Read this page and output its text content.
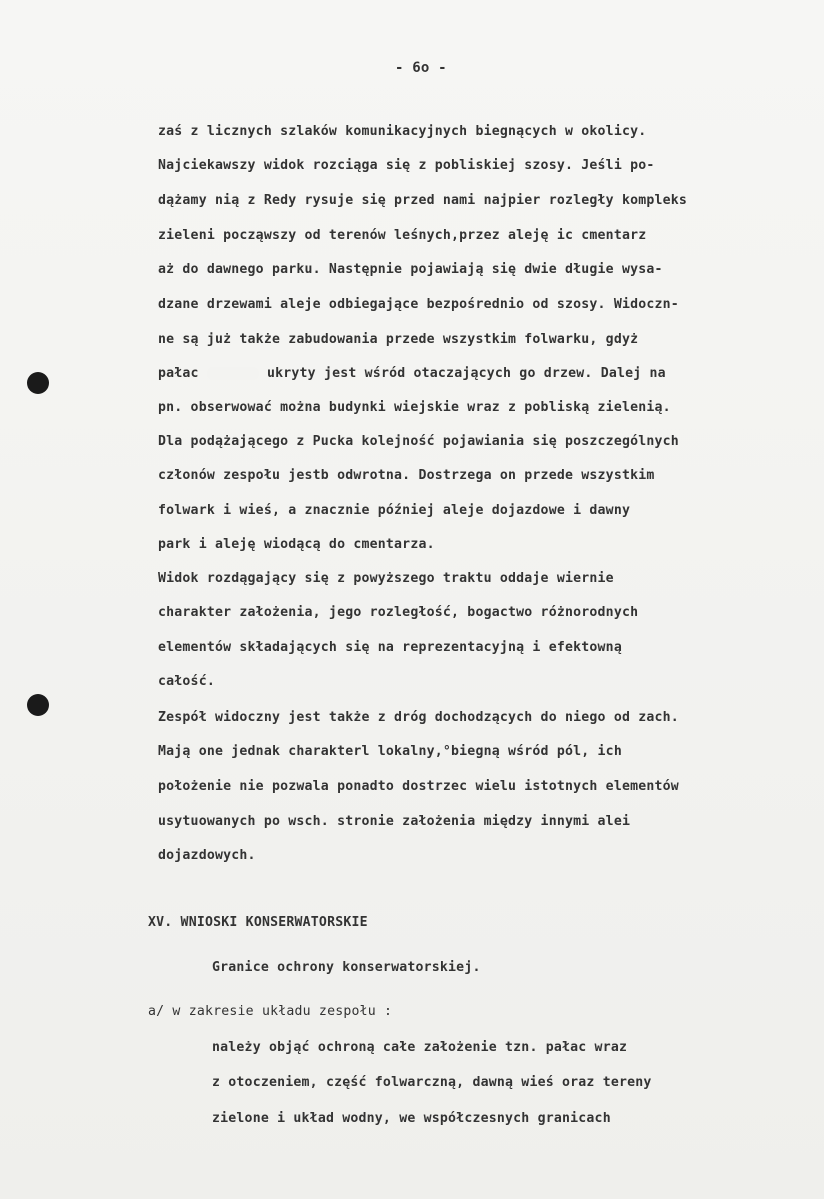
- 6o -
zaś z licznych szlaków komunikacyjnych biegnących w okolicy.
Najciekawszy widok rozciąga się z pobliskiej szosy. Jeśli po-
dążamy nią z Redy rysuje się przed nami najpier rozległy kompleks
zieleni począwszy od terenów leśnych,przez aleję ic cmentarz
aż do dawnego parku. Następnie pojawiają się dwie długie wysa-
dzane drzewami aleje odbiegające bezpośrednio od szosy. Widoczn-
ne są już także zabudowania przede wszystkim folwarku, gdyż
pałac	ukryty jest wśród otaczających go drzew. Dalej na
pn. obserwować można budynki wiejskie wraz z pobliską zielenią.
Dla podążającego z Pucka kolejność pojawiania się poszczególnych
członów zespołu jestb odwrotna. Dostrzega on przede wszystkim
folwark i wieś, a znacznie później aleje dojazdowe i dawny
park i aleję wiodącą do cmentarza.
Widok rozdągający się z powyższego traktu oddaje wiernie
charakter założenia, jego rozległość, bogactwo różnorodnych
elementów składających się na reprezentacyjną i efektowną
całość.
Zespół widoczny jest także z dróg dochodzących do niego od zach.
Mają one jednak charakterl lokalny,°biegną wśród pól, ich
położenie nie pozwala ponadto dostrzec wielu istotnych elementów
usytuowanych po wsch. stronie założenia między innymi alei
dojazdowych.
XV. WNIOSKI KONSERWATORSKIE
Granice ochrony konserwatorskiej.
a/ w zakresie układu zespołu :
należy objąć ochroną całe założenie tzn. pałac wraz
z otoczeniem, część folwarczną, dawną wieś oraz tereny
zielone i układ wodny, we współczesnych granicach
